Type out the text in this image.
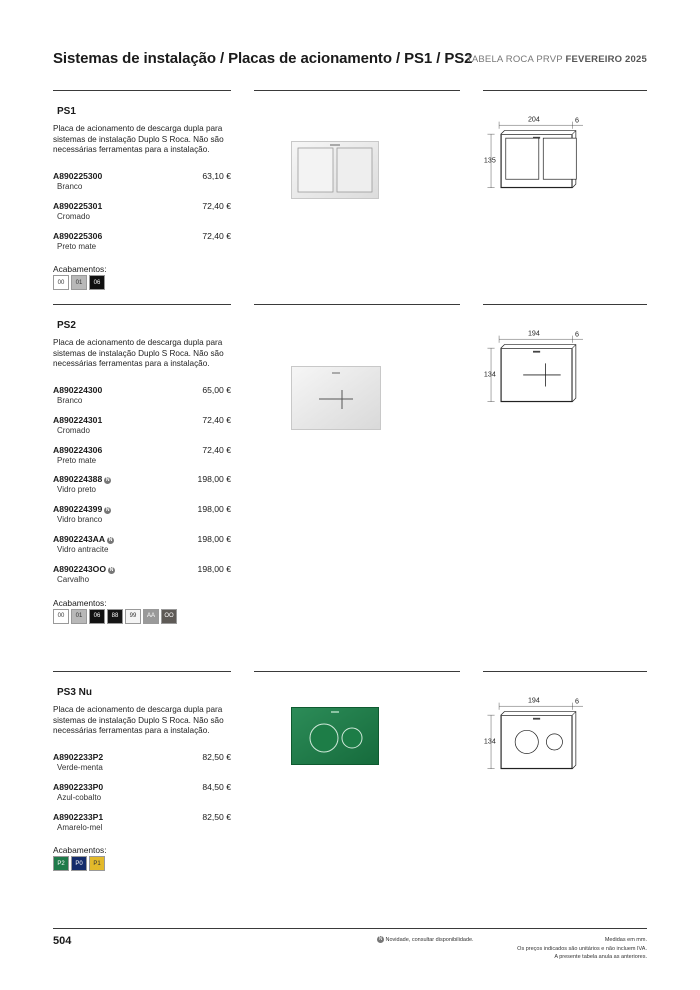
Sistemas de instalação / Placas de acionamento / PS1 / PS2
TABELA ROCA PRVP FEVEREIRO 2025
PS1
Placa de acionamento de descarga dupla para sistemas de instalação Duplo S Roca. Não são necessárias ferramentas para a instalação.
A890225300	63,10 €
Branco
A890225301	72,40 €
Cromado
A890225306	72,40 €
Preto mate
Acabamentos:
00	01	06
204	6
135
PS2
Placa de acionamento de descarga dupla para sistemas de instalação Duplo S Roca. Não são necessárias ferramentas para a instalação.
A890224300	65,00 €
Branco
A890224301	72,40 €
Cromado
A890224306	72,40 €
Preto mate
A890224388 N	198,00 €
Vidro preto
A890224399 N	198,00 €
Vidro branco
A8902243AA N	198,00 €
Vidro antracite
A8902243OO N	198,00 €
Carvalho
Acabamentos:
00	01	06	88	99	AA	OO
194	6
134
PS3 Nu
Placa de acionamento de descarga dupla para sistemas de instalação Duplo S Roca. Não são necessárias ferramentas para a instalação.
A8902233P2	82,50 €
Verde-menta
A8902233P0	84,50 €
Azul-cobalto
A8902233P1	82,50 €
Amarelo-mel
Acabamentos:
P2	P0	P1
194	6
134
504	N Novidade, consultar disponibilidade.	Medidas em mm.
Os preços indicados são unitários e não incluem IVA.
A presente tabela anula as anteriores.
